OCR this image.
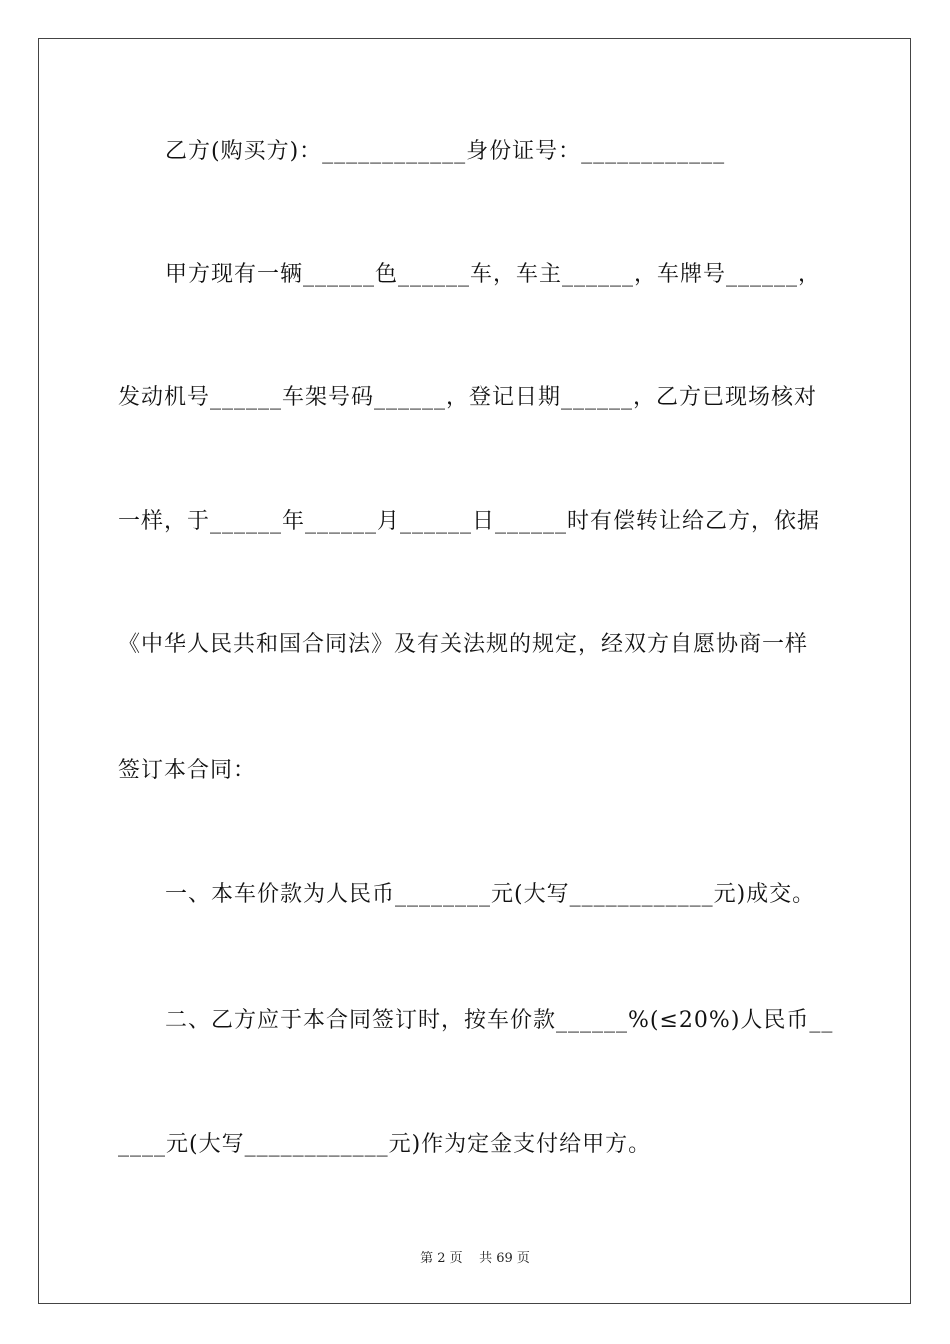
乙方(购买方)：____________身份证号：____________
甲方现有一辆______色______车，车主______，车牌号______，
发动机号______车架号码______，登记日期______，乙方已现场核对
一样，于______年______月______日______时有偿转让给乙方，依据
《中华人民共和国合同法》及有关法规的规定，经双方自愿协商一样
签订本合同：
一、本车价款为人民币________元(大写____________元)成交。
二、乙方应于本合同签订时，按车价款______%(≤20%)人民币__
____元(大写____________元)作为定金支付给甲方。
第 2 页    共 69 页
